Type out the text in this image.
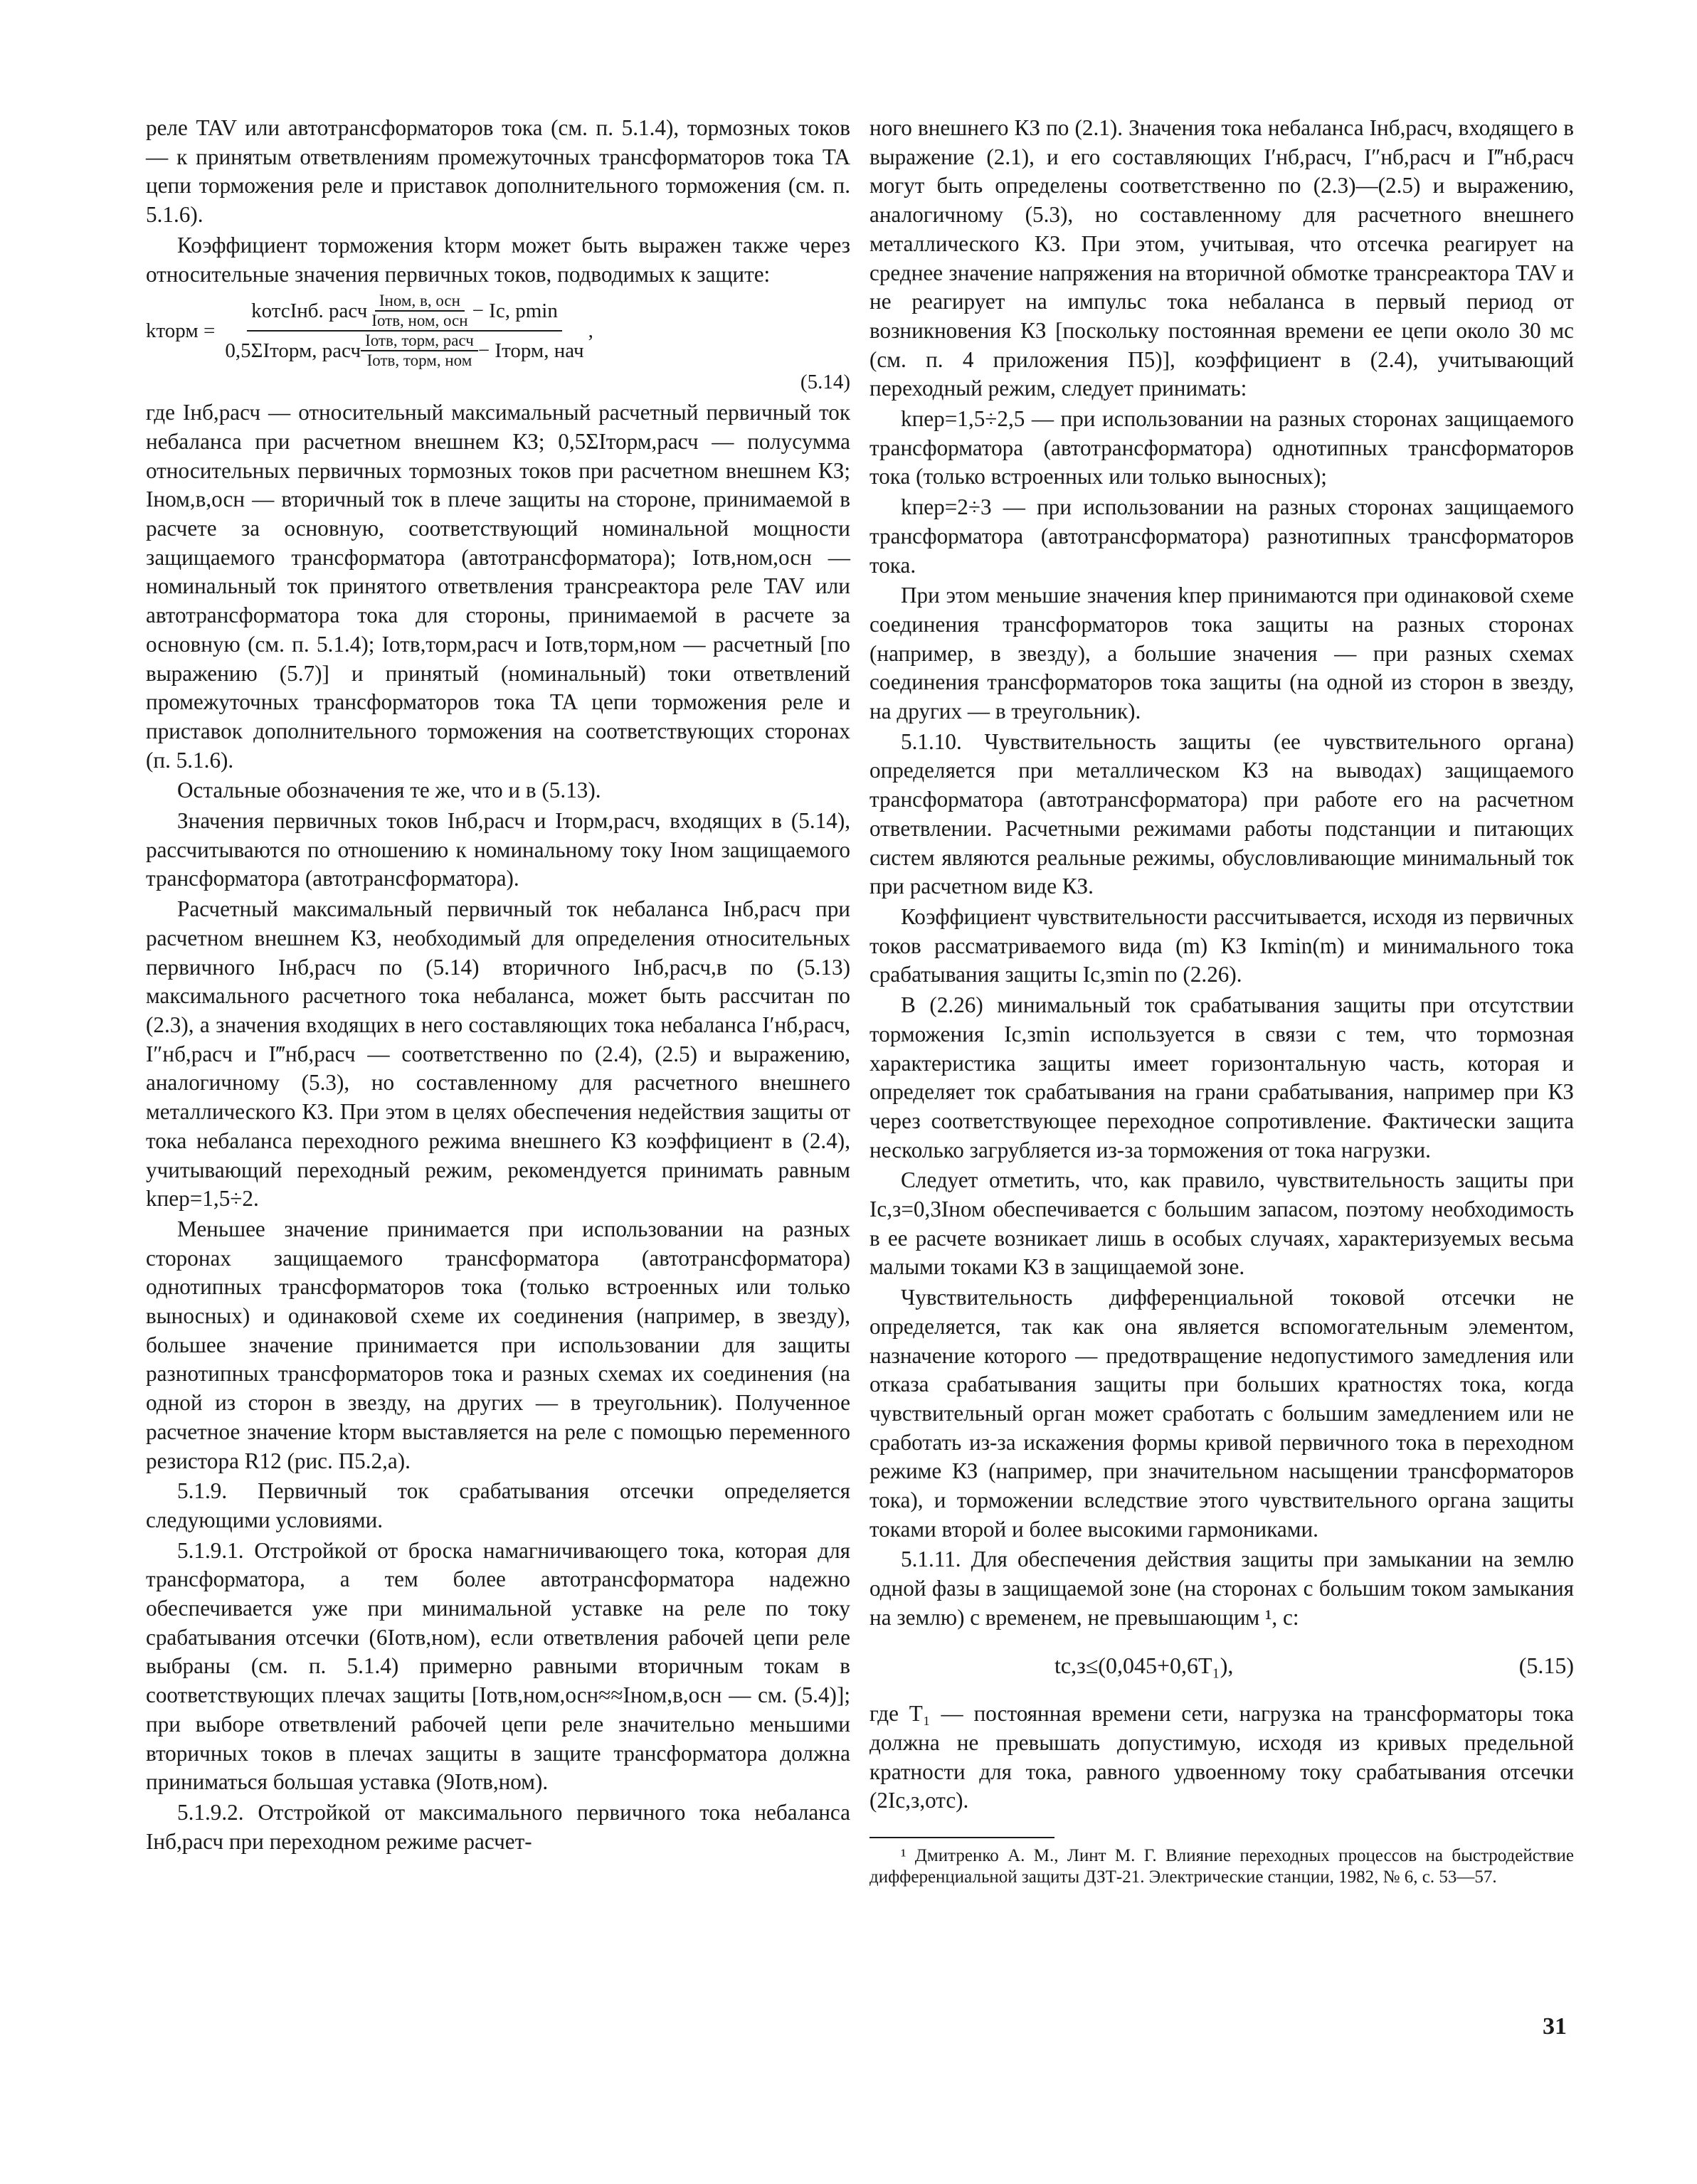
реле TAV или автотрансформаторов тока (см. п. 5.1.4), тормозных токов — к принятым ответвлениям промежуточных трансформаторов тока TA цепи торможения реле и приставок дополнительного торможения (см. п. 5.1.6).

Коэффициент торможения kторм может быть выражен также через относительные значения первичных токов, подводимых к защите:

kторм =
kотсIнб. расч $\frac{\text{Iном, в, осн}}{\text{Iотв, ном, осн}} - Ic$, pmin
0,5ΣIторм, расч $\frac{\text{Iотв, торм, расч}}{\text{Iотв, торм, ном}}$ − Iторм, нач
,
(5.14)

где Iнб,расч — относительный максимальный расчетный первичный ток небаланса при расчетном внешнем КЗ; 0,5ΣIторм,расч — полусумма относительных первичных тормозных токов при расчетном внешнем КЗ; Iном,в,осн — вторичный ток в плече защиты на стороне, принимаемой в расчете за основную, соответствующий номинальной мощности защищаемого трансформатора (автотрансформатора); Iотв,ном,осн — номинальный ток принятого ответвления трансреактора реле TAV или автотрансформатора тока для стороны, принимаемой в расчете за основную (см. п. 5.1.4); Iотв,торм,расч и Iотв,торм,ном — расчетный [по выражению (5.7)] и принятый (номинальный) токи ответвлений промежуточных трансформаторов тока TA цепи торможения реле и приставок дополнительного торможения на соответствующих сторонах (п. 5.1.6).

Остальные обозначения те же, что и в (5.13).

Значения первичных токов Iнб,расч и Iторм,расч, входящих в (5.14), рассчитываются по отношению к номинальному току Iном защищаемого трансформатора (автотрансформатора).

Расчетный максимальный первичный ток небаланса Iнб,расч при расчетном внешнем КЗ, необходимый для определения относительных первичного Iнб,расч по (5.14) вторичного Iнб,расч,в по (5.13) максимального расчетного тока небаланса, может быть рассчитан по (2.3), а значения входящих в него составляющих тока небаланса I′нб,расч, I″нб,расч и I‴нб,расч — соответственно по (2.4), (2.5) и выражению, аналогичному (5.3), но составленному для расчетного внешнего металлического КЗ. При этом в целях обеспечения недействия защиты от тока небаланса переходного режима внешнего КЗ коэффициент в (2.4), учитывающий переходный режим, рекомендуется принимать равным kпер=1,5÷2.

Меньшее значение принимается при использовании на разных сторонах защищаемого трансформатора (автотрансформатора) однотипных трансформаторов тока (только встроенных или только выносных) и одинаковой схеме их соединения (например, в звезду), большее значение принимается при использовании для защиты разнотипных трансформаторов тока и разных схемах их соединения (на одной из сторон в звезду, на других — в треугольник). Полученное расчетное значение kторм выставляется на реле с помощью переменного резистора R12 (рис. П5.2,а).

5.1.9. Первичный ток срабатывания отсечки определяется следующими условиями.

5.1.9.1. Отстройкой от броска намагничивающего тока, которая для трансформатора, а тем более автотрансформатора надежно обеспечивается уже при минимальной уставке на реле по току срабатывания отсечки (6Iотв,ном), если ответвления рабочей цепи реле выбраны (см. п. 5.1.4) примерно равными вторичным токам в соответствующих плечах защиты [Iотв,ном,осн≈≈Iном,в,осн — см. (5.4)]; при выборе ответвлений рабочей цепи реле значительно меньшими вторичных токов в плечах защиты в защите трансформатора должна приниматься большая уставка (9Iотв,ном).

5.1.9.2. Отстройкой от максимального первичного тока небаланса Iнб,расч при переходном режиме расчет-

ного внешнего КЗ по (2.1). Значения тока небаланса Iнб,расч, входящего в выражение (2.1), и его составляющих I′нб,расч, I″нб,расч и I‴нб,расч могут быть определены соответственно по (2.3)—(2.5) и выражению, аналогичному (5.3), но составленному для расчетного внешнего металлического КЗ. При этом, учитывая, что отсечка реагирует на среднее значение напряжения на вторичной обмотке трансреактора TAV и не реагирует на импульс тока небаланса в первый период от возникновения КЗ [поскольку постоянная времени ее цепи около 30 мс (см. п. 4 приложения П5)], коэффициент в (2.4), учитывающий переходный режим, следует принимать:

kпер=1,5÷2,5 — при использовании на разных сторонах защищаемого трансформатора (автотрансформатора) однотипных трансформаторов тока (только встроенных или только выносных);

kпер=2÷3 — при использовании на разных сторонах защищаемого трансформатора (автотрансформатора) разнотипных трансформаторов тока.

При этом меньшие значения kпер принимаются при одинаковой схеме соединения трансформаторов тока защиты на разных сторонах (например, в звезду), а большие значения — при разных схемах соединения трансформаторов тока защиты (на одной из сторон в звезду, на других — в треугольник).

5.1.10. Чувствительность защиты (ее чувствительного органа) определяется при металлическом КЗ на выводах) защищаемого трансформатора (автотрансформатора) при работе его на расчетном ответвлении. Расчетными режимами работы подстанции и питающих систем являются реальные режимы, обусловливающие минимальный ток при расчетном виде КЗ.

Коэффициент чувствительности рассчитывается, исходя из первичных токов рассматриваемого вида (m) КЗ Iкmin(m) и минимального тока срабатывания защиты Iс,зmin по (2.26).

В (2.26) минимальный ток срабатывания защиты при отсутствии торможения Iс,зmin используется в связи с тем, что тормозная характеристика защиты имеет горизонтальную часть, которая и определяет ток срабатывания на грани срабатывания, например при КЗ через соответствующее переходное сопротивление. Фактически защита несколько загрубляется из-за торможения от тока нагрузки.

Следует отметить, что, как правило, чувствительность защиты при Iс,з=0,3Iном обеспечивается с большим запасом, поэтому необходимость в ее расчете возникает лишь в особых случаях, характеризуемых весьма малыми токами КЗ в защищаемой зоне.

Чувствительность дифференциальной токовой отсечки не определяется, так как она является вспомогательным элементом, назначение которого — предотвращение недопустимого замедления или отказа срабатывания защиты при больших кратностях тока, когда чувствительный орган может сработать с большим замедлением или не сработать из-за искажения формы кривой первичного тока в переходном режиме КЗ (например, при значительном насыщении трансформаторов тока), и торможении вследствие этого чувствительного органа защиты токами второй и более высокими гармониками.

5.1.11. Для обеспечения действия защиты при замыкании на землю одной фазы в защищаемой зоне (на сторонах с большим током замыкания на землю) с временем, не превышающим ¹, с:

tс,з≤(0,045+0,6T₁),	(5.15)

где T₁ — постоянная времени сети, нагрузка на трансформаторы тока должна не превышать допустимую, исходя из кривых предельной кратности для тока, равного удвоенному току срабатывания отсечки (2Iс,з,отс).

¹ Дмитренко А. М., Линт М. Г. Влияние переходных процессов на быстродействие дифференциальной защиты ДЗТ-21. Электрические станции, 1982, № 6, с. 53—57.

31
